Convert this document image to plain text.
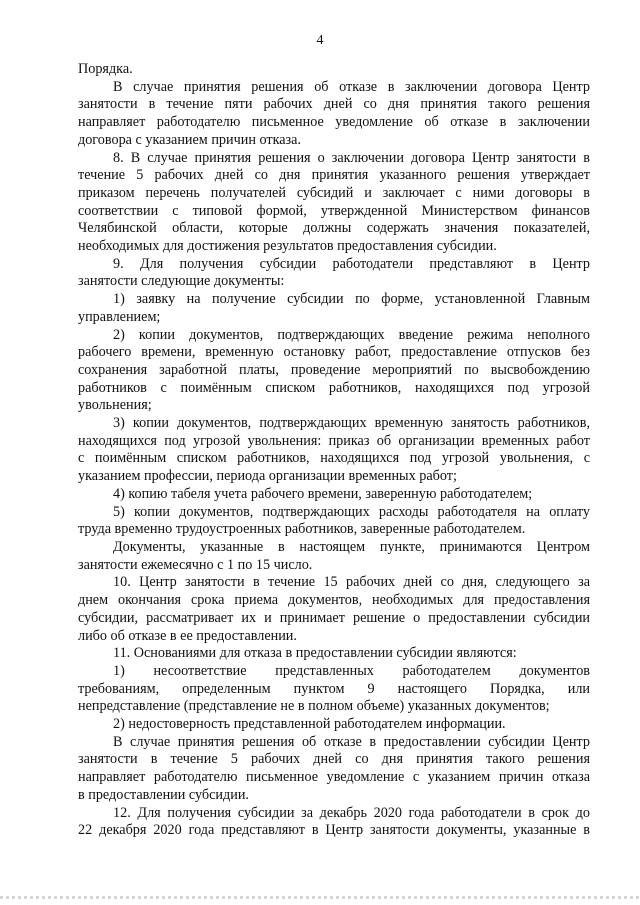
4
Порядка.
В случае принятия решения об отказе в заключении договора Центр
занятости в течение пяти рабочих дней со дня принятия такого решения
направляет работодателю письменное уведомление об отказе в заключении
договора с указанием причин отказа.
8. В случае принятия решения о заключении договора Центр занятости в
течение 5 рабочих дней со дня принятия указанного решения утверждает
приказом перечень получателей субсидий и заключает с ними договоры в
соответствии с типовой формой, утвержденной Министерством финансов
Челябинской области, которые должны содержать значения показателей,
необходимых для достижения результатов предоставления субсидии.
9. Для получения субсидии работодатели представляют в Центр
занятости следующие документы:
1) заявку на получение субсидии по форме, установленной Главным
управлением;
2) копии документов, подтверждающих введение режима неполного
рабочего времени, временную остановку работ, предоставление отпусков без
сохранения заработной платы, проведение мероприятий по высвобождению
работников с поимённым списком работников, находящихся под угрозой
увольнения;
3) копии документов, подтверждающих временную занятость работников,
находящихся под угрозой увольнения: приказ об организации временных работ
с поимённым списком работников, находящихся под угрозой увольнения, с
указанием профессии, периода организации временных работ;
4) копию табеля учета рабочего времени, заверенную работодателем;
5) копии документов, подтверждающих расходы работодателя на оплату
труда временно трудоустроенных работников, заверенные работодателем.
Документы, указанные в настоящем пункте, принимаются Центром
занятости ежемесячно с 1 по 15 число.
10. Центр занятости в течение 15 рабочих дней со дня, следующего за
днем окончания срока приема документов, необходимых для предоставления
субсидии, рассматривает их и принимает решение о предоставлении субсидии
либо об отказе в ее предоставлении.
11. Основаниями для отказа в предоставлении субсидии являются:
1) несоответствие представленных работодателем документов
требованиям, определенным пунктом 9 настоящего Порядка, или
непредставление (представление не в полном объеме) указанных документов;
2) недостоверность представленной работодателем информации.
В случае принятия решения об отказе в предоставлении субсидии Центр
занятости в течение 5 рабочих дней со дня принятия такого решения
направляет работодателю письменное уведомление с указанием причин отказа
в предоставлении субсидии.
12. Для получения субсидии за декабрь 2020 года работодатели в срок до
22 декабря 2020 года представляют в Центр занятости документы, указанные в
